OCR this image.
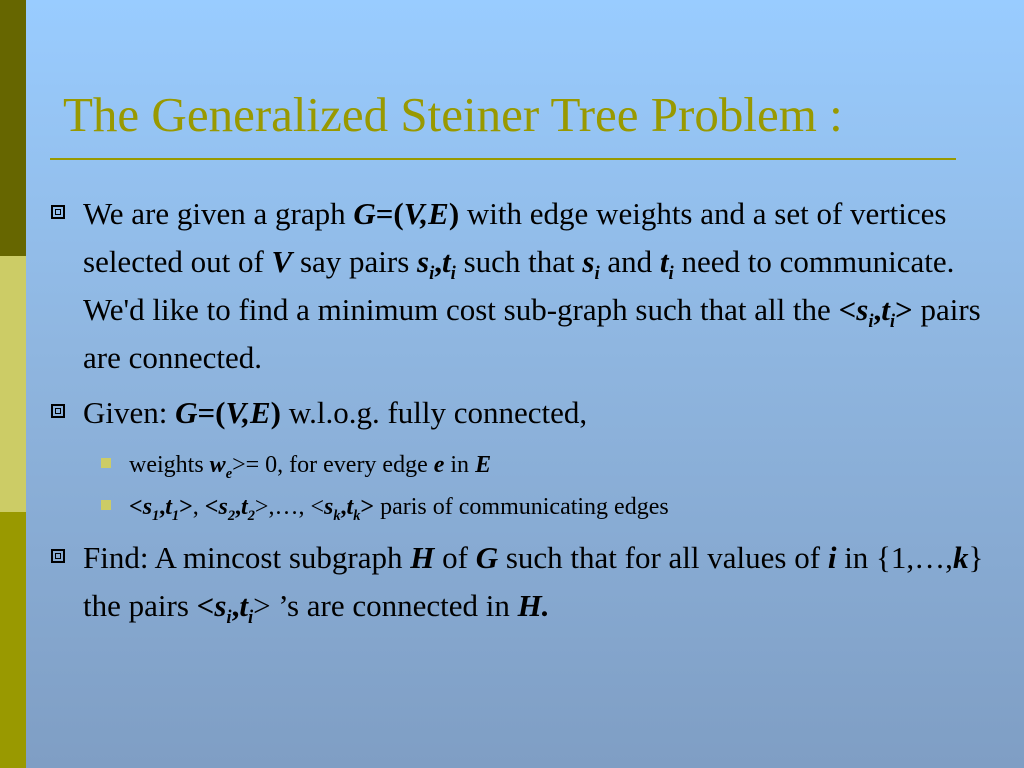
The Generalized Steiner Tree Problem :
We are given a graph G=(V,E) with edge weights and a set of vertices selected out of V say pairs $s_i,t_i$ such that $s_i$ and $t_i$ need to communicate. We'd like to find a minimum cost sub-graph such that all the $<s_i,t_i>$ pairs are connected.
Given: G=(V,E) w.l.o.g. fully connected,
weights $w_e>= 0$, for every edge e in E
$<s_1,t_1>$, $<s_2,t_2>,\dots$, $<s_k,t_k>$ paris of communicating edges
Find: A mincost subgraph H of G such that for all values of i in {1,…,k} the pairs $<s_i,t_i>$ ’s are connected in H.
